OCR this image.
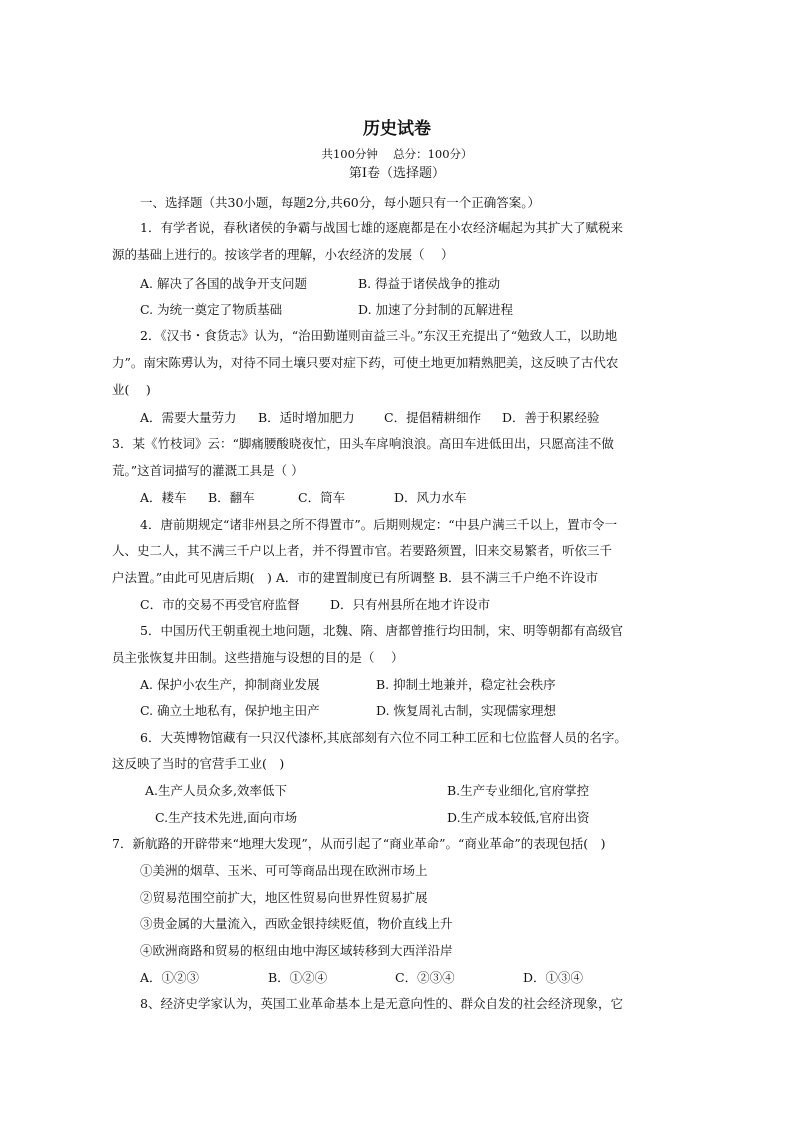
历史试卷
共100分钟　 总分：100分）
第Ⅰ卷（选择题）
一、选择题（共30小题，每题2分,共60分，每小题只有一个正确答案。）
1．有学者说，春秋诸侯的争霸与战国七雄的逐鹿都是在小农经济崛起为其扩大了赋税来
源的基础上进行的。按该学者的理解，小农经济的发展（　 ）
A. 解决了各国的战争开支问题	B. 得益于诸侯战争的推动
C. 为统一奠定了物质基础	D. 加速了分封制的瓦解进程
2．《汉书・食货志》认为，“治田勤谨则亩益三斗。”东汉王充提出了“勉致人工，以助地
力”。南宋陈旉认为，对待不同土壤只要对症下药，可使土地更加精熟肥美，这反映了古代农
业(　 )
A．需要大量劳力 B．适时增加肥力 C．提倡精耕细作 D．善于积累经验
3．某《竹枝词》云：“脚痛腰酸晓夜忙，田头车戽响浪浪。高田车进低田出，只愿高洼不做
荒。”这首词描写的灌溉工具是（ ）
A．耧车 B．翻车	C．筒车	D．风力水车
4．唐前期规定“诸非州县之所不得置市”。后期则规定：“中县户满三千以上，置市令一
人、史二人，其不满三千户以上者，并不得置市官。若要路须置，旧来交易繁者，听依三千
户法置。”由此可见唐后期(　) A．市的建置制度已有所调整 B．县不满三千户绝不许设市
C．市的交易不再受官府监督 D．只有州县所在地才许设市
5．中国历代王朝重视土地问题，北魏、隋、唐都曾推行均田制，宋、明等朝都有高级官
员主张恢复井田制。这些措施与设想的目的是（　 ）
A. 保护小农生产，抑制商业发展	B. 抑制土地兼并，稳定社会秩序
C. 确立土地私有，保护地主田产	D. 恢复周礼古制，实现儒家理想
6．大英博物馆藏有一只汉代漆杯,其底部刻有六位不同工种工匠和七位监督人员的名字。
这反映了当时的官营手工业(　)
A.生产人员众多,效率低下	B.生产专业细化,官府掌控
C.生产技术先进,面向市场	D.生产成本较低,官府出资
7．新航路的开辟带来“地理大发现”，从而引起了“商业革命”。“商业革命”的表现包括(　)
①美洲的烟草、玉米、可可等商品出现在欧洲市场上
②贸易范围空前扩大，地区性贸易向世界性贸易扩展
③贵金属的大量流入，西欧金银持续贬值，物价直线上升
④欧洲商路和贸易的枢纽由地中海区域转移到大西洋沿岸
A．①②③	B．①②④	C．②③④	D．①③④
8、经济史学家认为，英国工业革命基本上是无意向性的、群众自发的社会经济现象，它
